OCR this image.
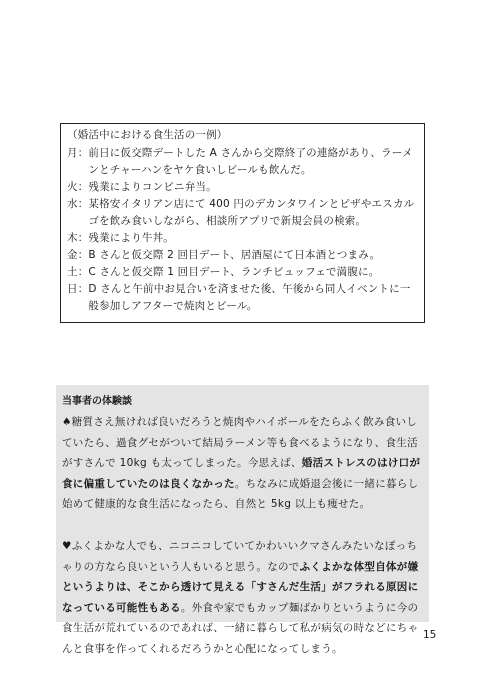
（婚活中における食生活の一例）
月： 前日に仮交際デートした A さんから交際終了の連絡があり、ラーメンとチャーハンをヤケ食いしビールも飲んだ。
火： 残業によりコンビニ弁当。
水： 某格安イタリアン店にて 400 円のデカンタワインとピザやエスカルゴを飲み食いしながら、相談所アプリで新規会員の検索。
木： 残業により牛丼。
金： B さんと仮交際 2 回目デート、居酒屋にて日本酒とつまみ。
土： C さんと仮交際 1 回目デート、ランチビュッフェで満腹に。
日： D さんと午前中お見合いを済ませた後、午後から同人イベントに一般参加しアフターで焼肉とビール。
当事者の体験談

♠糖質さえ無ければ良いだろうと焼肉やハイボールをたらふく飲み食いしていたら、過食グセがついて結局ラーメン等も食べるようになり、食生活がすさんで 10kg も太ってしまった。今思えば、婚活ストレスのはけ口が食に偏重していたのは良くなかった。ちなみに成婚退会後に一緒に暮らし始めて健康的な食生活になったら、自然と 5kg 以上も痩せた。

♥ふくよかな人でも、ニコニコしていてかわいいクマさんみたいなぽっちゃりの方なら良いという人もいると思う。なのでふくよかな体型自体が嫌というよりは、そこから透けて見える「すさんだ生活」がフラれる原因になっている可能性もある。外食や家でもカップ麺ばかりというように今の食生活が荒れているのであれば、一緒に暮らして私が病気の時などにちゃんと食事を作ってくれるだろうかと心配になってしまう。

15
